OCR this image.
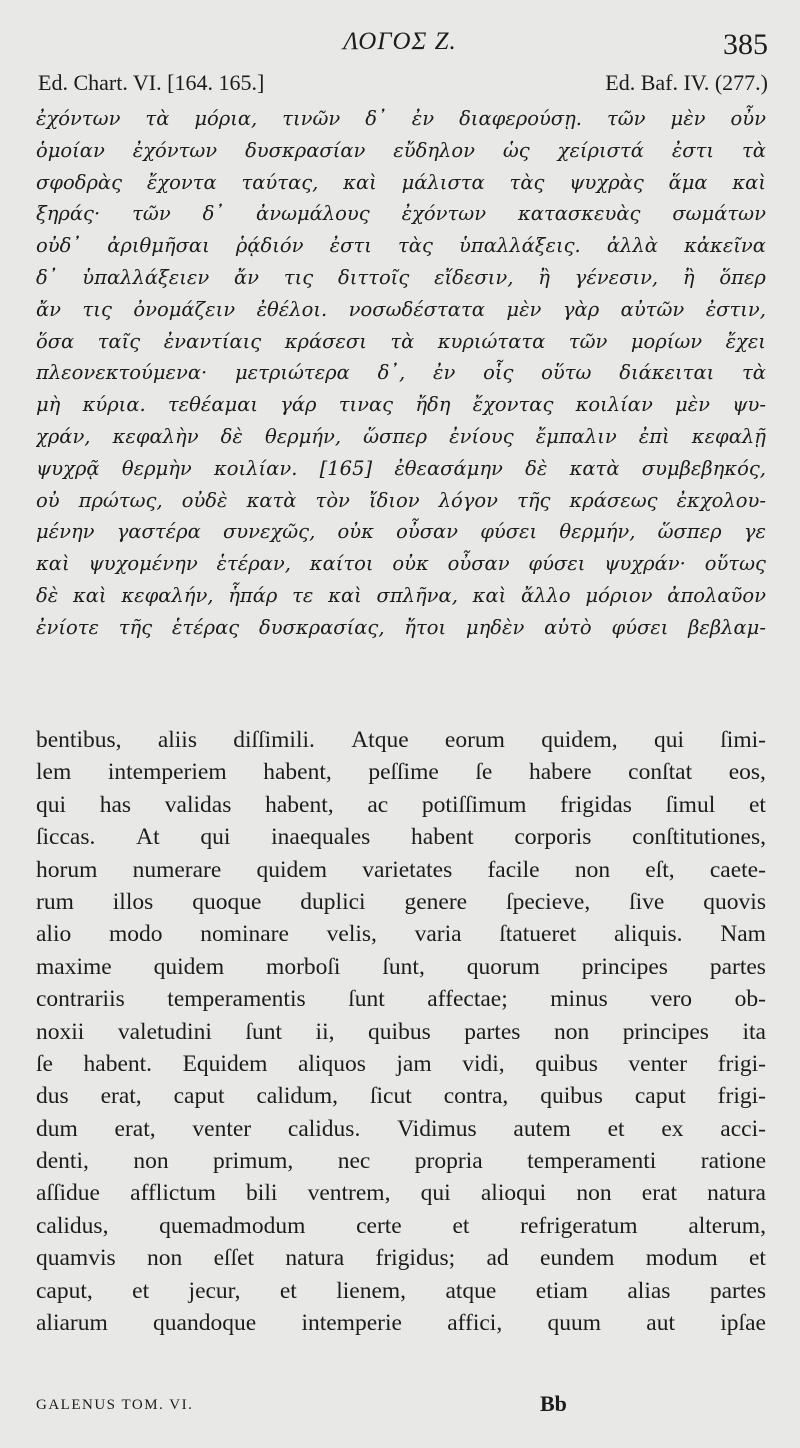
ΛΟΓΟΣ Ζ.	385
Ed. Chart. VI. [164. 165.]	Ed. Baf. IV. (277.)
ἐχόντων τὰ μόρια, τινῶν δ᾽ ἐν διαφερούσῃ. τῶν μὲν οὖν
ὁμοίαν ἐχόντων δυσκρασίαν εὔδηλον ὡς χείριστά ἐστι τὰ
σφοδρὰς ἔχοντα ταύτας, καὶ μάλιστα τὰς ψυχρὰς ἅμα καὶ
ξηράς· τῶν δ᾽ ἀνωμάλους ἐχόντων κατασκευὰς σωμάτων
οὐδ᾽ ἀριθμῆσαι ῥᾴδιόν ἐστι τὰς ὑπαλλάξεις. ἀλλὰ κἀκεῖνα
δ᾽ ὑπαλλάξειεν ἄν τις διττοῖς εἴδεσιν, ἢ γένεσιν, ἢ ὅπερ
ἄν τις ὀνομάζειν ἐθέλοι. νοσωδέστατα μὲν γὰρ αὐτῶν ἐστιν,
ὅσα ταῖς ἐναντίαις κράσεσι τὰ κυριώτατα τῶν μορίων ἔχει
πλεονεκτούμενα· μετριώτερα δ᾽, ἐν οἷς οὕτω διάκειται τὰ
μὴ κύρια. τεθέαμαι γάρ τινας ἤδη ἔχοντας κοιλίαν μὲν ψυ-
χράν, κεφαλὴν δὲ θερμήν, ὥσπερ ἐνίους ἔμπαλιν ἐπὶ κεφαλῇ
ψυχρᾷ θερμὴν κοιλίαν. [165] ἐθεασάμην δὲ κατὰ συμβεβηκός,
οὐ πρώτως, οὐδὲ κατὰ τὸν ἴδιον λόγον τῆς κράσεως ἐκχολου-
μένην γαστέρα συνεχῶς, οὐκ οὖσαν φύσει θερμήν, ὥσπερ γε
καὶ ψυχομένην ἑτέραν, καίτοι οὐκ οὖσαν φύσει ψυχράν· οὕτως
δὲ καὶ κεφαλήν, ἧπάρ τε καὶ σπλῆνα, καὶ ἄλλο μόριον ἀπολαῦον
ἐνίοτε τῆς ἑτέρας δυσκρασίας, ἤτοι μηδὲν αὐτὸ φύσει βεβλαμ-
bentibus, aliis diſſimili. Atque eorum quidem, qui ſimi-
lem intemperiem habent, peſſime ſe habere conſtat eos,
qui has validas habent, ac potiſſimum frigidas ſimul et
ſiccas. At qui inaequales habent corporis conſtitutiones,
horum numerare quidem varietates facile non eſt, caete-
rum illos quoque duplici genere ſpecieve, ſive quovis
alio modo nominare velis, varia ſtatueret aliquis. Nam
maxime quidem morboſi ſunt, quorum principes partes
contrariis temperamentis ſunt affectae; minus vero ob-
noxii valetudini ſunt ii, quibus partes non principes ita
ſe habent. Equidem aliquos jam vidi, quibus venter frigi-
dus erat, caput calidum, ſicut contra, quibus caput frigi-
dum erat, venter calidus. Vidimus autem et ex acci-
denti, non primum, nec propria temperamenti ratione
aſſidue afflictum bili ventrem, qui alioqui non erat natura
calidus, quemadmodum certe et refrigeratum alterum,
quamvis non eſſet natura frigidus; ad eundem modum et
caput, et jecur, et lienem, atque etiam alias partes
aliarum quandoque intemperie affici, quum aut ipſae
GALENUS TOM. VI.	Bb
